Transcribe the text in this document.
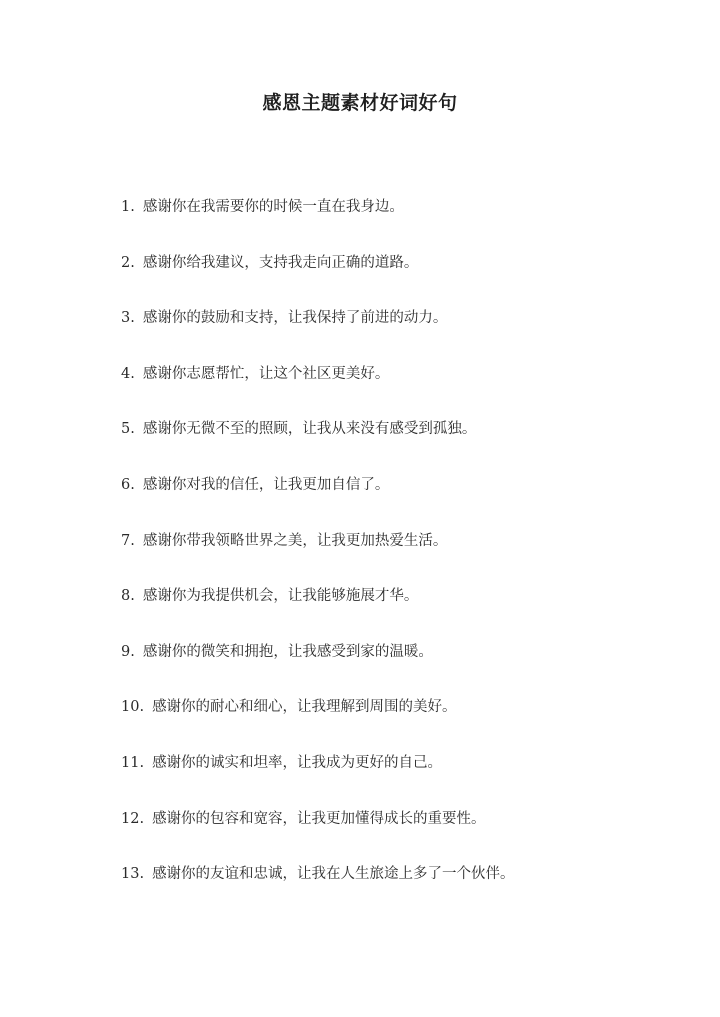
感恩主题素材好词好句
1. 感谢你在我需要你的时候一直在我身边。
2. 感谢你给我建议，支持我走向正确的道路。
3. 感谢你的鼓励和支持，让我保持了前进的动力。
4. 感谢你志愿帮忙，让这个社区更美好。
5. 感谢你无微不至的照顾，让我从来没有感受到孤独。
6. 感谢你对我的信任，让我更加自信了。
7. 感谢你带我领略世界之美，让我更加热爱生活。
8. 感谢你为我提供机会，让我能够施展才华。
9. 感谢你的微笑和拥抱，让我感受到家的温暖。
10. 感谢你的耐心和细心，让我理解到周围的美好。
11. 感谢你的诚实和坦率，让我成为更好的自己。
12. 感谢你的包容和宽容，让我更加懂得成长的重要性。
13. 感谢你的友谊和忠诚，让我在人生旅途上多了一个伙伴。
